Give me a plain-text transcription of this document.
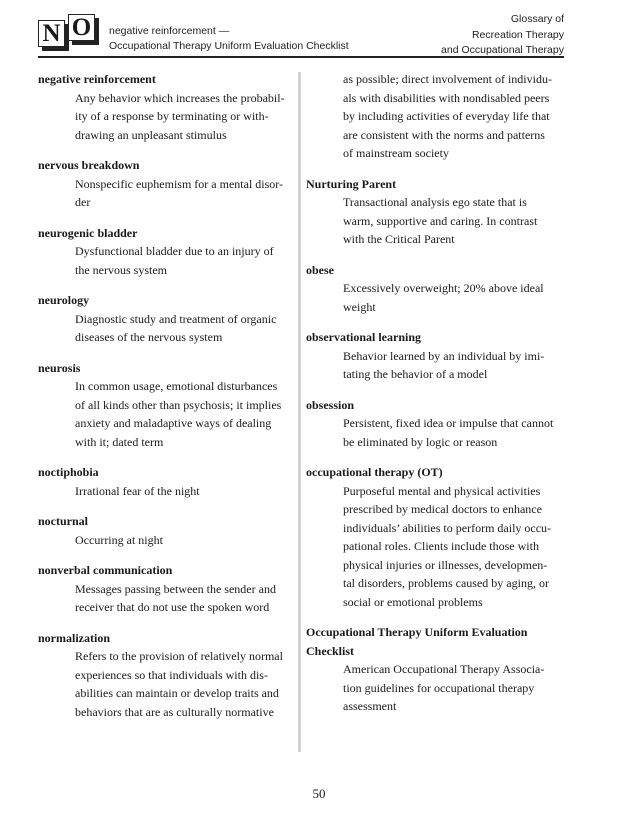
N O	negative reinforcement —
Occupational Therapy Uniform Evaluation Checklist
Glossary of
Recreation Therapy
and Occupational Therapy
negative reinforcement
Any behavior which increases the probabil-
ity of a response by terminating or with-
drawing an unpleasant stimulus
nervous breakdown
Nonspecific euphemism for a mental disor-
der
neurogenic bladder
Dysfunctional bladder due to an injury of
the nervous system
neurology
Diagnostic study and treatment of organic
diseases of the nervous system
neurosis
In common usage, emotional disturbances
of all kinds other than psychosis; it implies
anxiety and maladaptive ways of dealing
with it; dated term
noctiphobia
Irrational fear of the night
nocturnal
Occurring at night
nonverbal communication
Messages passing between the sender and
receiver that do not use the spoken word
normalization
Refers to the provision of relatively normal
experiences so that individuals with dis-
abilities can maintain or develop traits and
behaviors that are as culturally normative
as possible; direct involvement of individu-
als with disabilities with nondisabled peers
by including activities of everyday life that
are consistent with the norms and patterns
of mainstream society
Nurturing Parent
Transactional analysis ego state that is
warm, supportive and caring. In contrast
with the Critical Parent
obese
Excessively overweight; 20% above ideal
weight
observational learning
Behavior learned by an individual by imi-
tating the behavior of a model
obsession
Persistent, fixed idea or impulse that cannot
be eliminated by logic or reason
occupational therapy (OT)
Purposeful mental and physical activities
prescribed by medical doctors to enhance
individuals’ abilities to perform daily occu-
pational roles. Clients include those with
physical injuries or illnesses, developmen-
tal disorders, problems caused by aging, or
social or emotional problems
Occupational Therapy Uniform Evaluation Checklist
American Occupational Therapy Associa-
tion guidelines for occupational therapy
assessment
50
